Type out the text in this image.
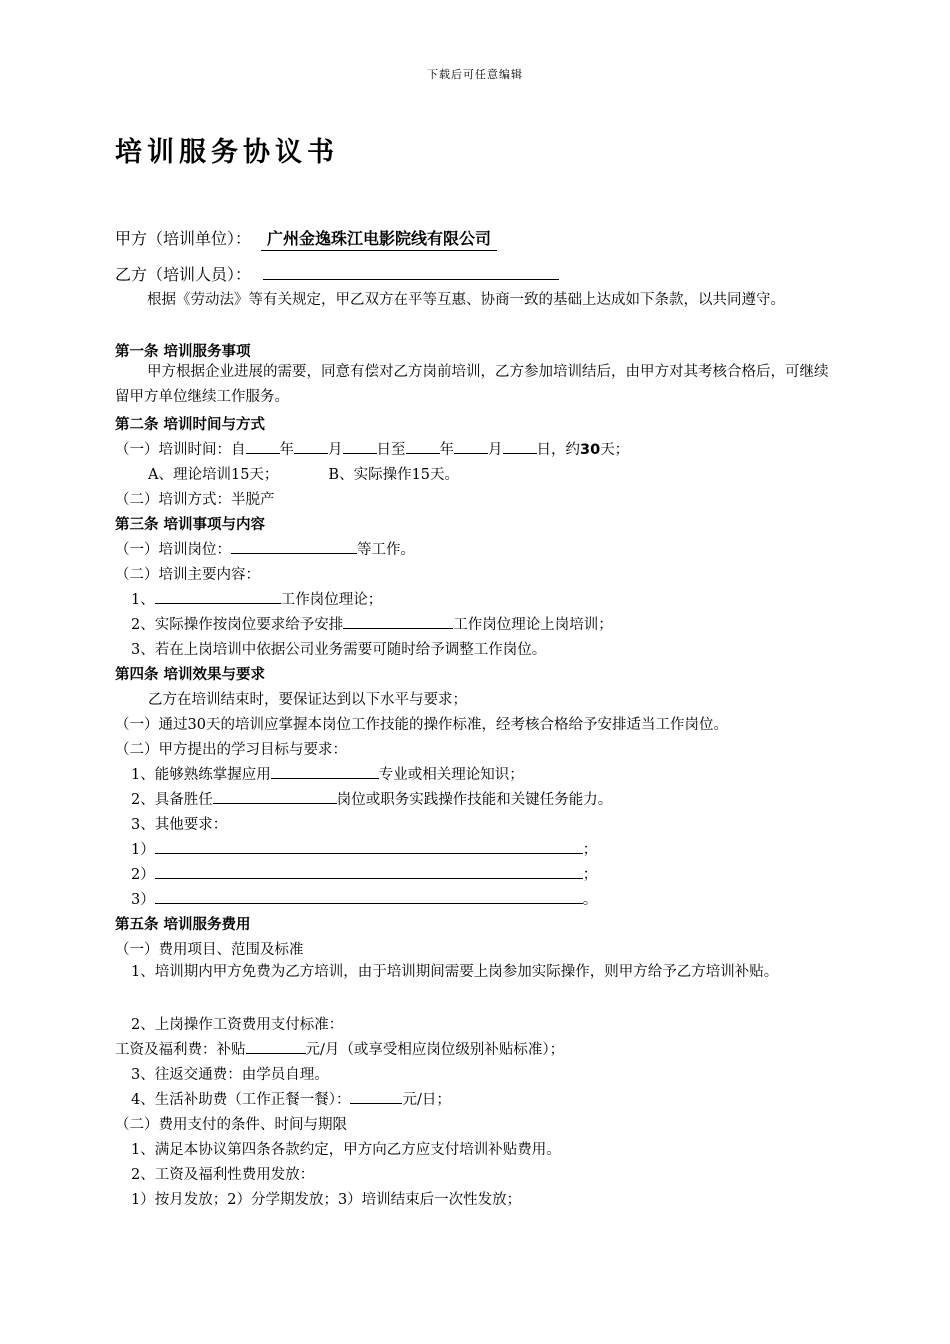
下载后可任意编辑
培训服务协议书
甲方（培训单位）： 广州金逸珠江电影院线有限公司
乙方（培训人员）：
根据《劳动法》等有关规定，甲乙双方在平等互惠、协商一致的基础上达成如下条款，以共同遵守。
第一条 培训服务事项
甲方根据企业进展的需要，同意有偿对乙方岗前培训，乙方参加培训结后，由甲方对其考核合格后，可继续留甲方单位继续工作服务。
第二条 培训时间与方式
（一）培训时间：自 年 月 日至 年 月 日，约30天；
A、理论培训15天；	B、实际操作15天。
（二）培训方式：半脱产
第三条 培训事项与内容
（一）培训岗位：	等工作。
（二）培训主要内容：
1、	工作岗位理论；
2、实际操作按岗位要求给予安排	工作岗位理论上岗培训；
3、若在上岗培训中依据公司业务需要可随时给予调整工作岗位。
第四条 培训效果与要求
乙方在培训结束时，要保证达到以下水平与要求；
（一）通过30天的培训应掌握本岗位工作技能的操作标准，经考核合格给予安排适当工作岗位。
（二）甲方提出的学习目标与要求：
1、能够熟练掌握应用	专业或相关理论知识；
2、具备胜任	岗位或职务实践操作技能和关键任务能力。
3、其他要求：
1）	；
2）	；
3）	。
第五条 培训服务费用
（一）费用项目、范围及标准
1、培训期内甲方免费为乙方培训，由于培训期间需要上岗参加实际操作，则甲方给予乙方培训补贴。
2、上岗操作工资费用支付标准：
工资及福利费：补贴	元/月（或享受相应岗位级别补贴标准）；
3、往返交通费：由学员自理。
4、生活补助费（工作正餐一餐）：	元/日；
（二）费用支付的条件、时间与期限
1、满足本协议第四条各款约定，甲方向乙方应支付培训补贴费用。
2、工资及福利性费用发放：
1）按月发放；2）分学期发放；3）培训结束后一次性发放；
